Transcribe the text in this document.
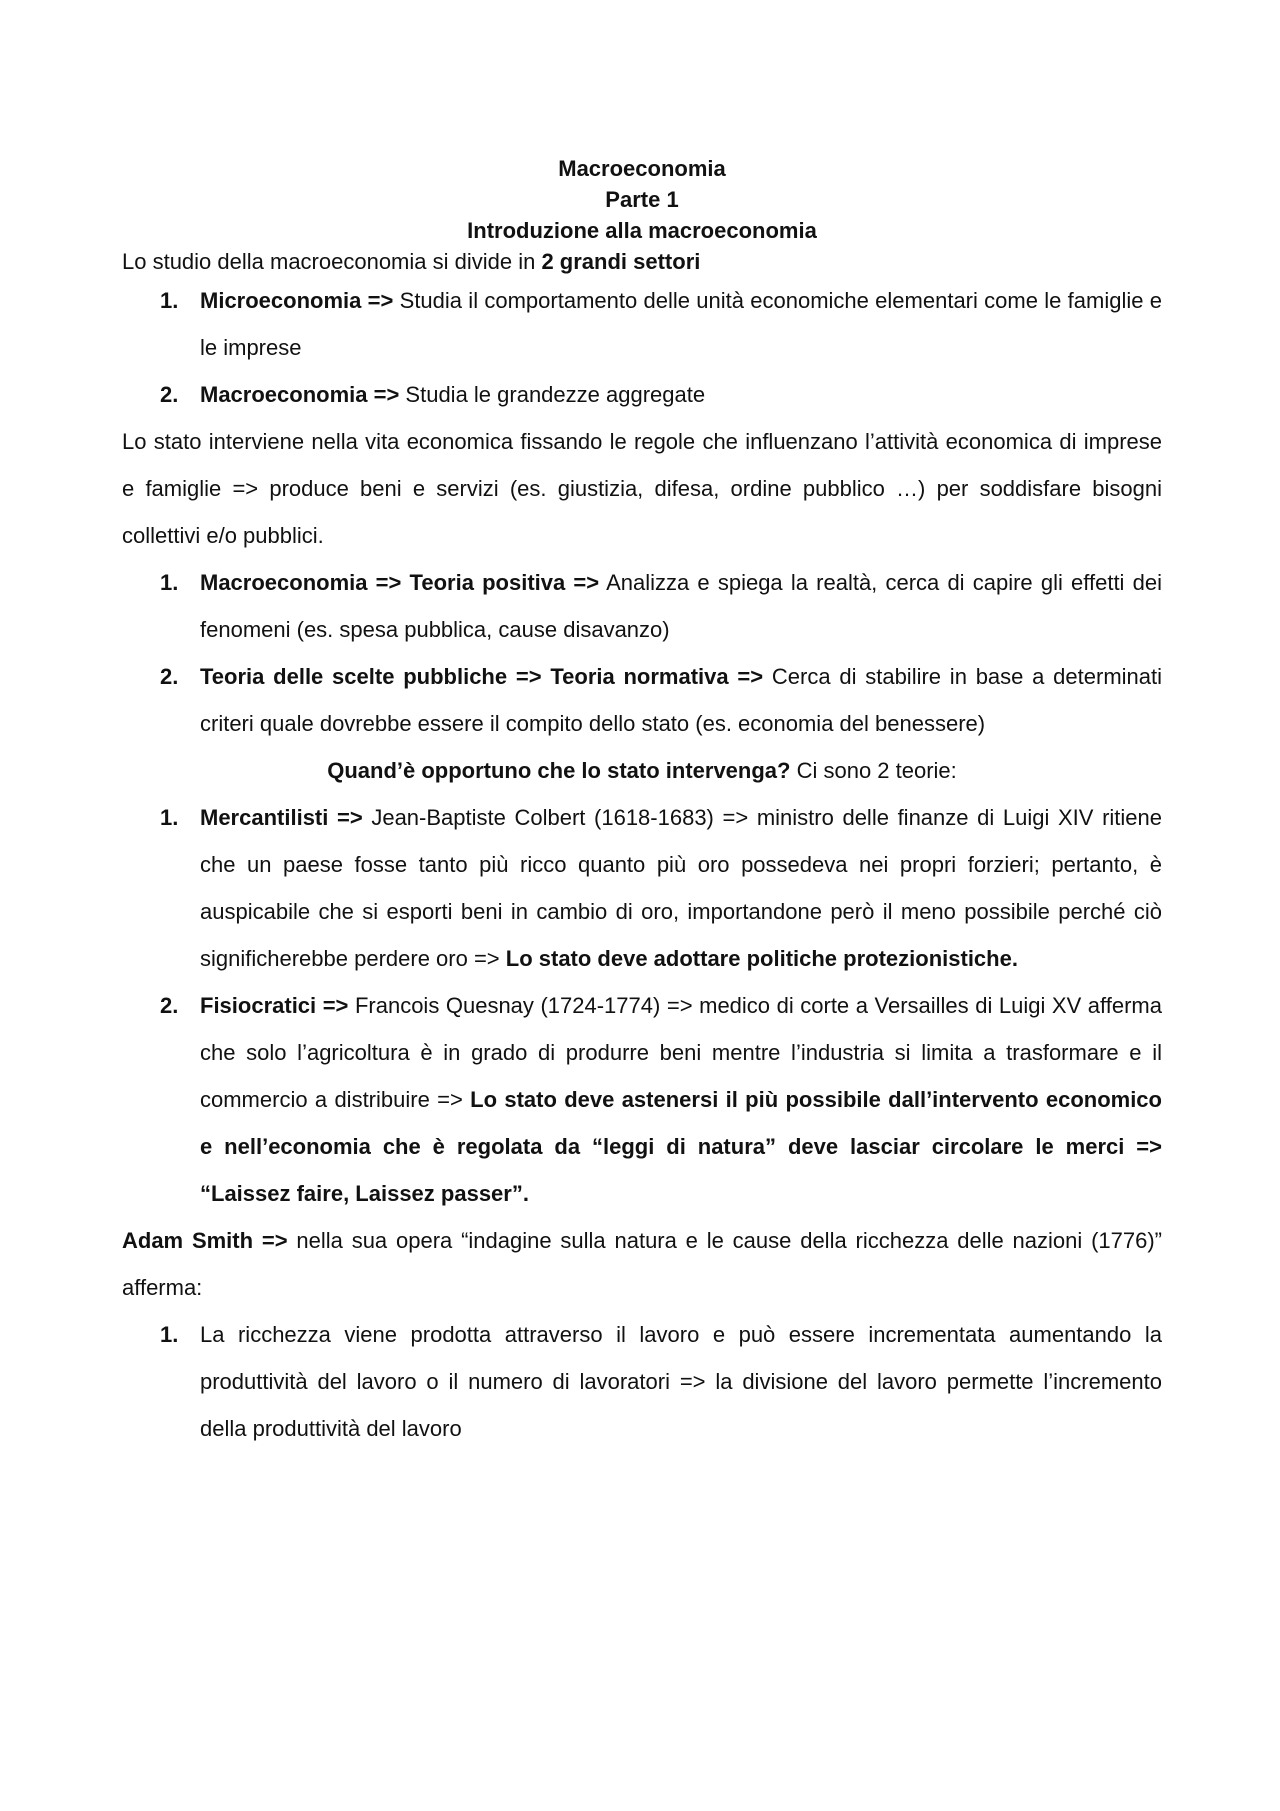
Macroeconomia
Parte 1
Introduzione alla macroeconomia

Lo studio della macroeconomia si divide in 2 grandi settori

1. Microeconomia => Studia il comportamento delle unità economiche elementari come le famiglie e le imprese
2. Macroeconomia => Studia le grandezze aggregate

Lo stato interviene nella vita economica fissando le regole che influenzano l’attività economica di imprese e famiglie => produce beni e servizi (es. giustizia, difesa, ordine pubblico …) per soddisfare bisogni collettivi e/o pubblici.

1. Macroeconomia => Teoria positiva => Analizza e spiega la realtà, cerca di capire gli effetti dei fenomeni (es. spesa pubblica, cause disavanzo)
2. Teoria delle scelte pubbliche => Teoria normativa => Cerca di stabilire in base a determinati criteri quale dovrebbe essere il compito dello stato (es. economia del benessere)

Quand’è opportuno che lo stato intervenga? Ci sono 2 teorie:

1. Mercantilisti => Jean-Baptiste Colbert (1618-1683) => ministro delle finanze di Luigi XIV ritiene che un paese fosse tanto più ricco quanto più oro possedeva nei propri forzieri; pertanto, è auspicabile che si esporti beni in cambio di oro, importandone però il meno possibile perché ciò significherebbe perdere oro => Lo stato deve adottare politiche protezionistiche.
2. Fisiocratici => Francois Quesnay (1724-1774) => medico di corte a Versailles di Luigi XV afferma che solo l’agricoltura è in grado di produrre beni mentre l’industria si limita a trasformare e il commercio a distribuire => Lo stato deve astenersi il più possibile dall’intervento economico e nell’economia che è regolata da “leggi di natura” deve lasciar circolare le merci => “Laissez faire, Laissez passer”.

Adam Smith => nella sua opera “indagine sulla natura e le cause della ricchezza delle nazioni (1776)” afferma:

1. La ricchezza viene prodotta attraverso il lavoro e può essere incrementata aumentando la produttività del lavoro o il numero di lavoratori => la divisione del lavoro permette l’incremento della produttività del lavoro
